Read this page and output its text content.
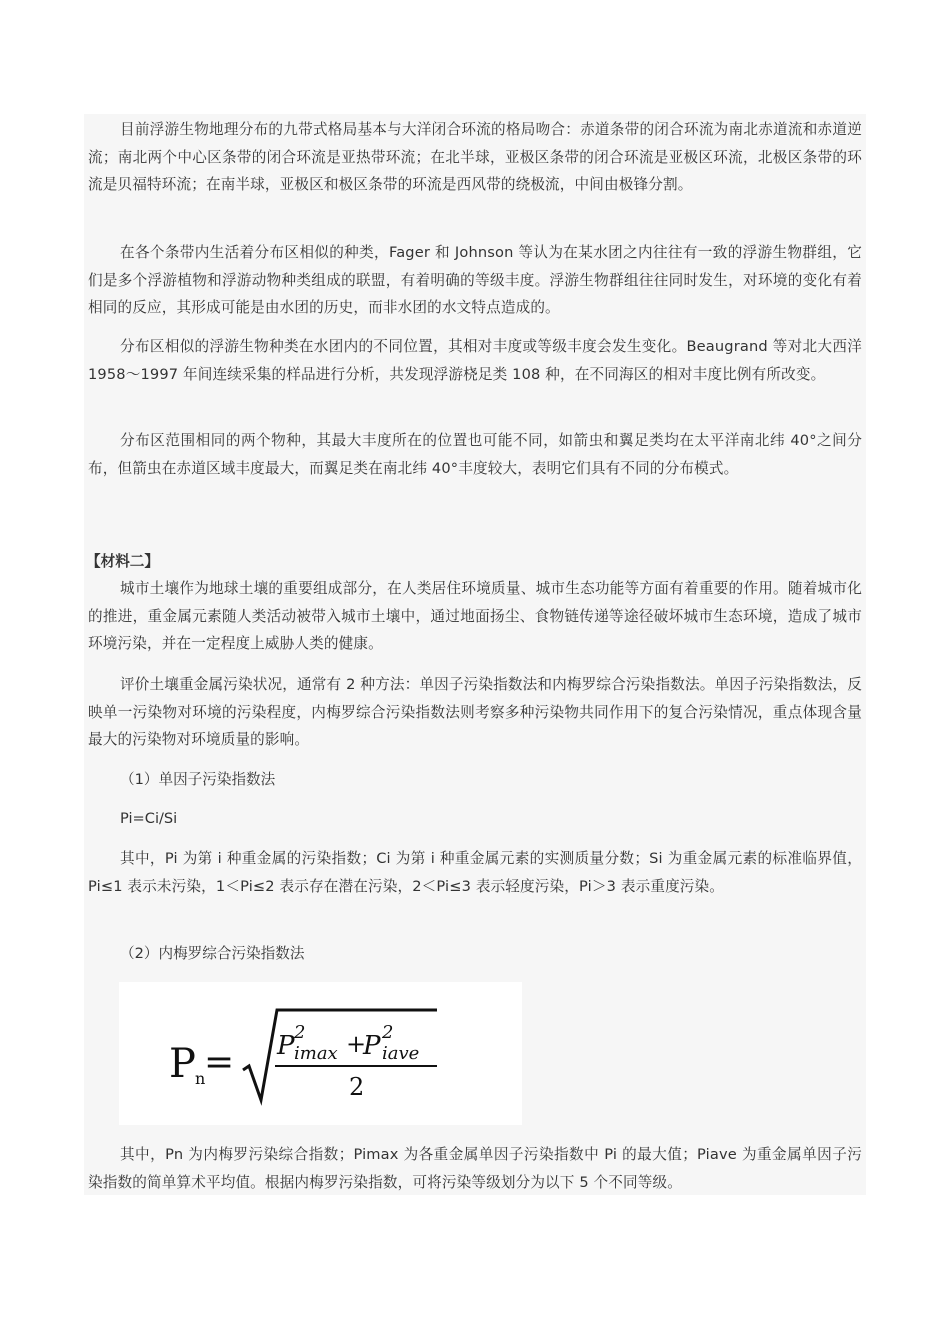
目前浮游生物地理分布的九带式格局基本与大洋闭合环流的格局吻合：赤道条带的闭合环流为南北赤道流和赤道逆流；南北两个中心区条带的闭合环流是亚热带环流；在北半球，亚极区条带的闭合环流是亚极区环流，北极区条带的环流是贝福特环流；在南半球，亚极区和极区条带的环流是西风带的绕极流，中间由极锋分割。

在各个条带内生活着分布区相似的种类，Fager 和 Johnson 等认为在某水团之内往往有一致的浮游生物群组，它们是多个浮游植物和浮游动物种类组成的联盟，有着明确的等级丰度。浮游生物群组往往同时发生，对环境的变化有着相同的反应，其形成可能是由水团的历史，而非水团的水文特点造成的。

分布区相似的浮游生物种类在水团内的不同位置，其相对丰度或等级丰度会发生变化。Beaugrand 等对北大西洋 1958～1997 年间连续采集的样品进行分析，共发现浮游桡足类 108 种，在不同海区的相对丰度比例有所改变。

分布区范围相同的两个物种，其最大丰度所在的位置也可能不同，如箭虫和翼足类均在太平洋南北纬 40°之间分布，但箭虫在赤道区域丰度最大，而翼足类在南北纬 40°丰度较大，表明它们具有不同的分布模式。

【材料二】

城市土壤作为地球土壤的重要组成部分，在人类居住环境质量、城市生态功能等方面有着重要的作用。随着城市化的推进，重金属元素随人类活动被带入城市土壤中，通过地面扬尘、食物链传递等途径破坏城市生态环境，造成了城市环境污染，并在一定程度上威胁人类的健康。

评价土壤重金属污染状况，通常有 2 种方法：单因子污染指数法和内梅罗综合污染指数法。单因子污染指数法，反映单一污染物对环境的污染程度，内梅罗综合污染指数法则考察多种污染物共同作用下的复合污染情况，重点体现含量最大的污染物对环境质量的影响。

（1）单因子污染指数法

Pi=Ci/Si

其中，Pi 为第 i 种重金属的污染指数；Ci 为第 i 种重金属元素的实测质量分数；Si 为重金属元素的标准临界值，Pi≤1 表示未污染，1＜Pi≤2 表示存在潜在污染，2＜Pi≤3 表示轻度污染，Pi＞3 表示重度污染。

（2）内梅罗综合污染指数法

P n
= P 2
imax +
P 2
iave
2

其中，Pn 为内梅罗污染综合指数；Pimax 为各重金属单因子污染指数中 Pi 的最大值；Piave 为重金属单因子污染指数的简单算术平均值。根据内梅罗污染指数，可将污染等级划分为以下 5 个不同等级。
